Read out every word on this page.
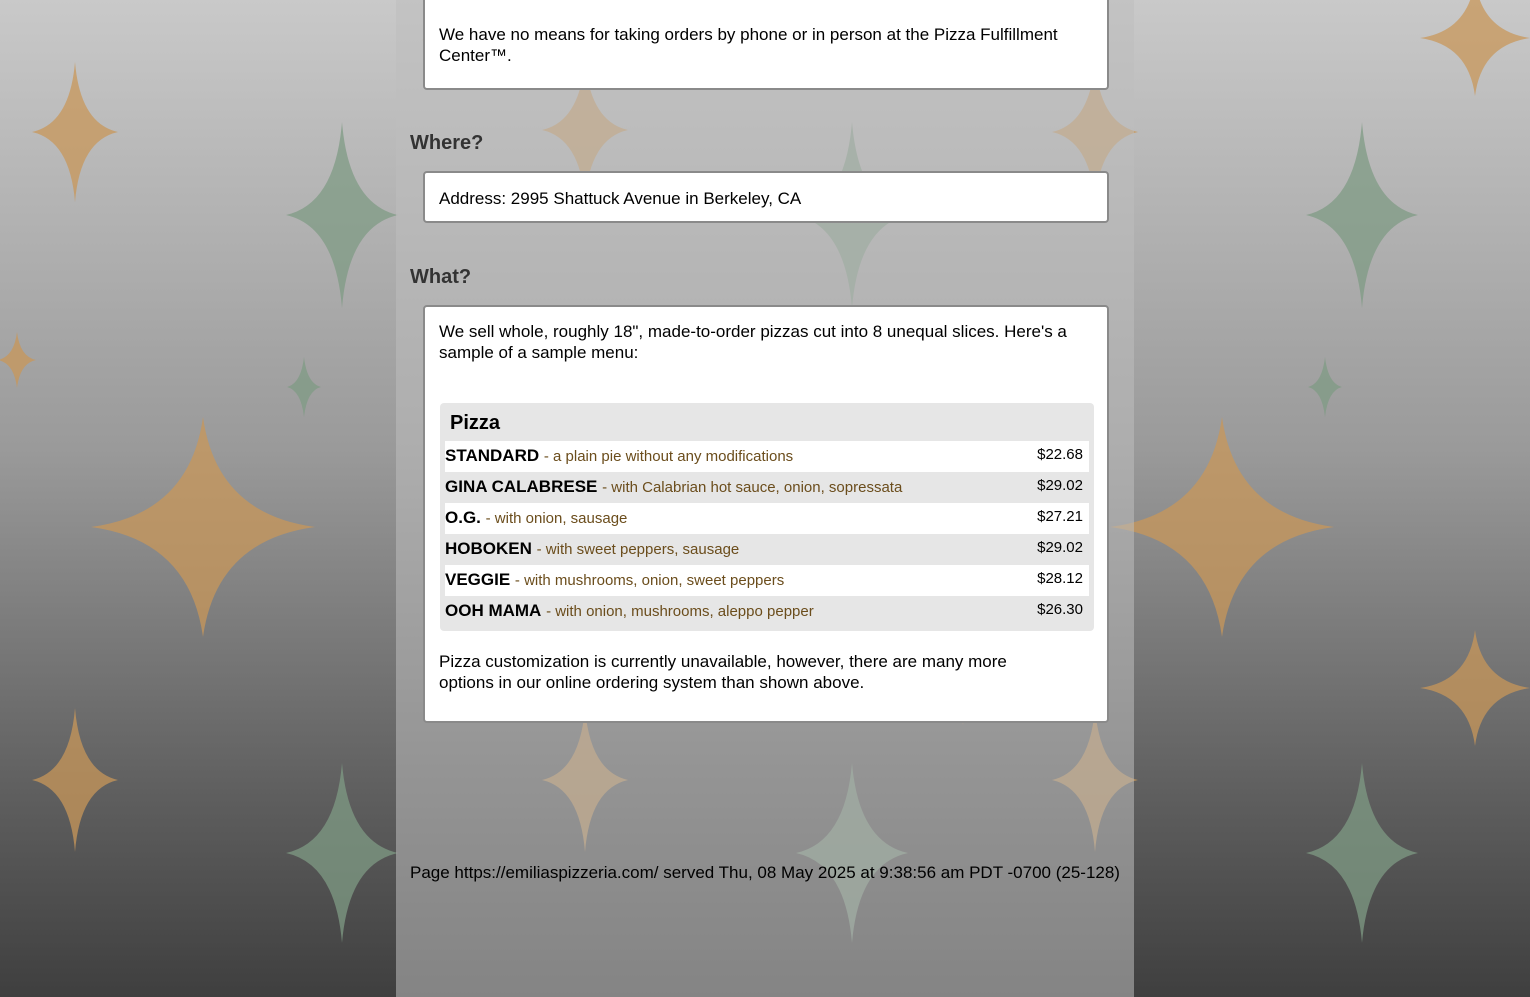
We have no means for taking orders by phone or in person at the Pizza Fulfillment Center™.
Where?
Address: 2995 Shattuck Avenue in Berkeley, CA
What?
We sell whole, roughly 18", made-to-order pizzas cut into 8 unequal slices. Here's a sample of a sample menu:
Pizza
STANDARD - a plain pie without any modifications	$22.68
GINA CALABRESE - with Calabrian hot sauce, onion, sopressata	$29.02
O.G. - with onion, sausage	$27.21
HOBOKEN - with sweet peppers, sausage	$29.02
VEGGIE - with mushrooms, onion, sweet peppers	$28.12
OOH MAMA - with onion, mushrooms, aleppo pepper	$26.30
Pizza customization is currently unavailable, however, there are many more options in our online ordering system than shown above.
Page https://emiliaspizzeria.com/ served Thu, 08 May 2025 at 9:38:56 am PDT -0700 (25-128)
